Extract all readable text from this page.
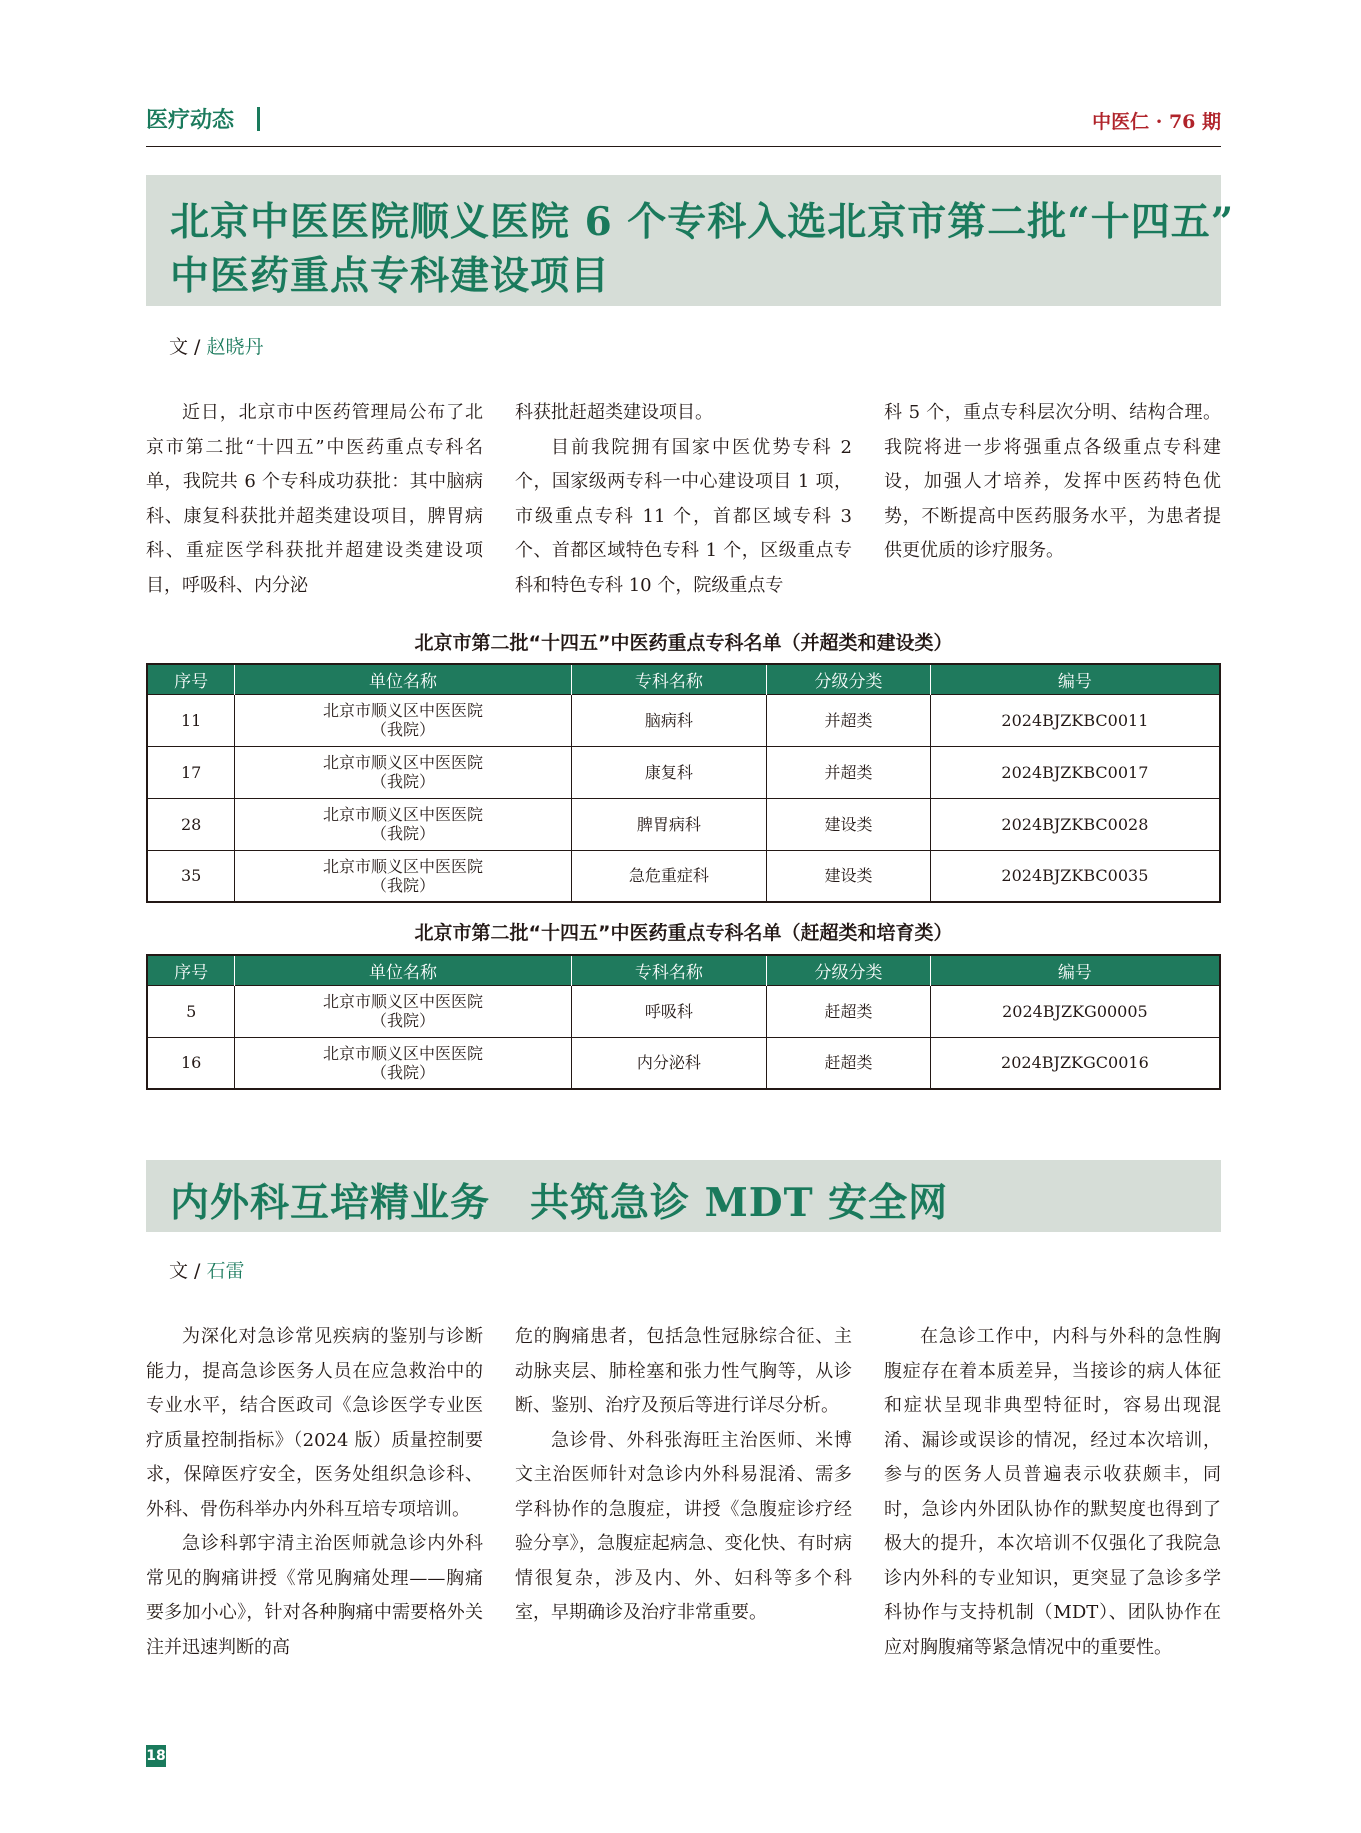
医疗动态	中医仁 · 76 期
北京中医医院顺义医院 6 个专科入选北京市第二批“十四五”
中医药重点专科建设项目
文 / 赵晓丹

近日，北京市中医药管理局公布了北京市第二批“十四五”中医药重点专科名单，我院共 6 个专科成功获批：其中脑病科、康复科获批并超类建设项目，脾胃病科、重症医学科获批并超建设类建设项目，呼吸科、内分泌

科获批赶超类建设项目。

目前我院拥有国家中医优势专科 2 个，国家级两专科一中心建设项目 1 项，市级重点专科 11 个，首都区域专科 3 个、首都区域特色专科 1 个，区级重点专科和特色专科 10 个，院级重点专

科 5 个，重点专科层次分明、结构合理。我院将进一步将强重点各级重点专科建设，加强人才培养，发挥中医药特色优势，不断提高中医药服务水平，为患者提供更优质的诊疗服务。

北京市第二批“十四五”中医药重点专科名单（并超类和建设类）
序号	单位名称	专科名称	分级分类	编号
11	北京市顺义区中医医院
（我院）	脑病科	并超类	2024BJZKBC0011
17	北京市顺义区中医医院
（我院）	康复科	并超类	2024BJZKBC0017
28	北京市顺义区中医医院
（我院）	脾胃病科	建设类	2024BJZKBC0028
35	北京市顺义区中医医院
（我院）	急危重症科	建设类	2024BJZKBC0035
北京市第二批“十四五”中医药重点专科名单（赶超类和培育类）
序号	单位名称	专科名称	分级分类	编号
5	北京市顺义区中医医院
（我院）	呼吸科	赶超类	2024BJZKG00005
16	北京市顺义区中医医院
（我院）	内分泌科	赶超类	2024BJZKGC0016
内外科互培精业务　共筑急诊 MDT 安全网
文 / 石雷

为深化对急诊常见疾病的鉴别与诊断能力，提高急诊医务人员在应急救治中的专业水平，结合医政司《急诊医学专业医疗质量控制指标》（2024 版）质量控制要求，保障医疗安全，医务处组织急诊科、外科、骨伤科举办内外科互培专项培训。

急诊科郭宇清主治医师就急诊内外科常见的胸痛讲授《常见胸痛处理——胸痛要多加小心》，针对各种胸痛中需要格外关注并迅速判断的高

危的胸痛患者，包括急性冠脉综合征、主动脉夹层、肺栓塞和张力性气胸等，从诊断、鉴别、治疗及预后等进行详尽分析。

急诊骨、外科张海旺主治医师、米博文主治医师针对急诊内外科易混淆、需多学科协作的急腹症，讲授《急腹症诊疗经验分享》，急腹症起病急、变化快、有时病情很复杂，涉及内、外、妇科等多个科室，早期确诊及治疗非常重要。

在急诊工作中，内科与外科的急性胸腹症存在着本质差异，当接诊的病人体征和症状呈现非典型特征时，容易出现混淆、漏诊或误诊的情况，经过本次培训，参与的医务人员普遍表示收获颇丰，同时，急诊内外团队协作的默契度也得到了极大的提升，本次培训不仅强化了我院急诊内外科的专业知识，更突显了急诊多学科协作与支持机制（MDT）、团队协作在应对胸腹痛等紧急情况中的重要性。

18
